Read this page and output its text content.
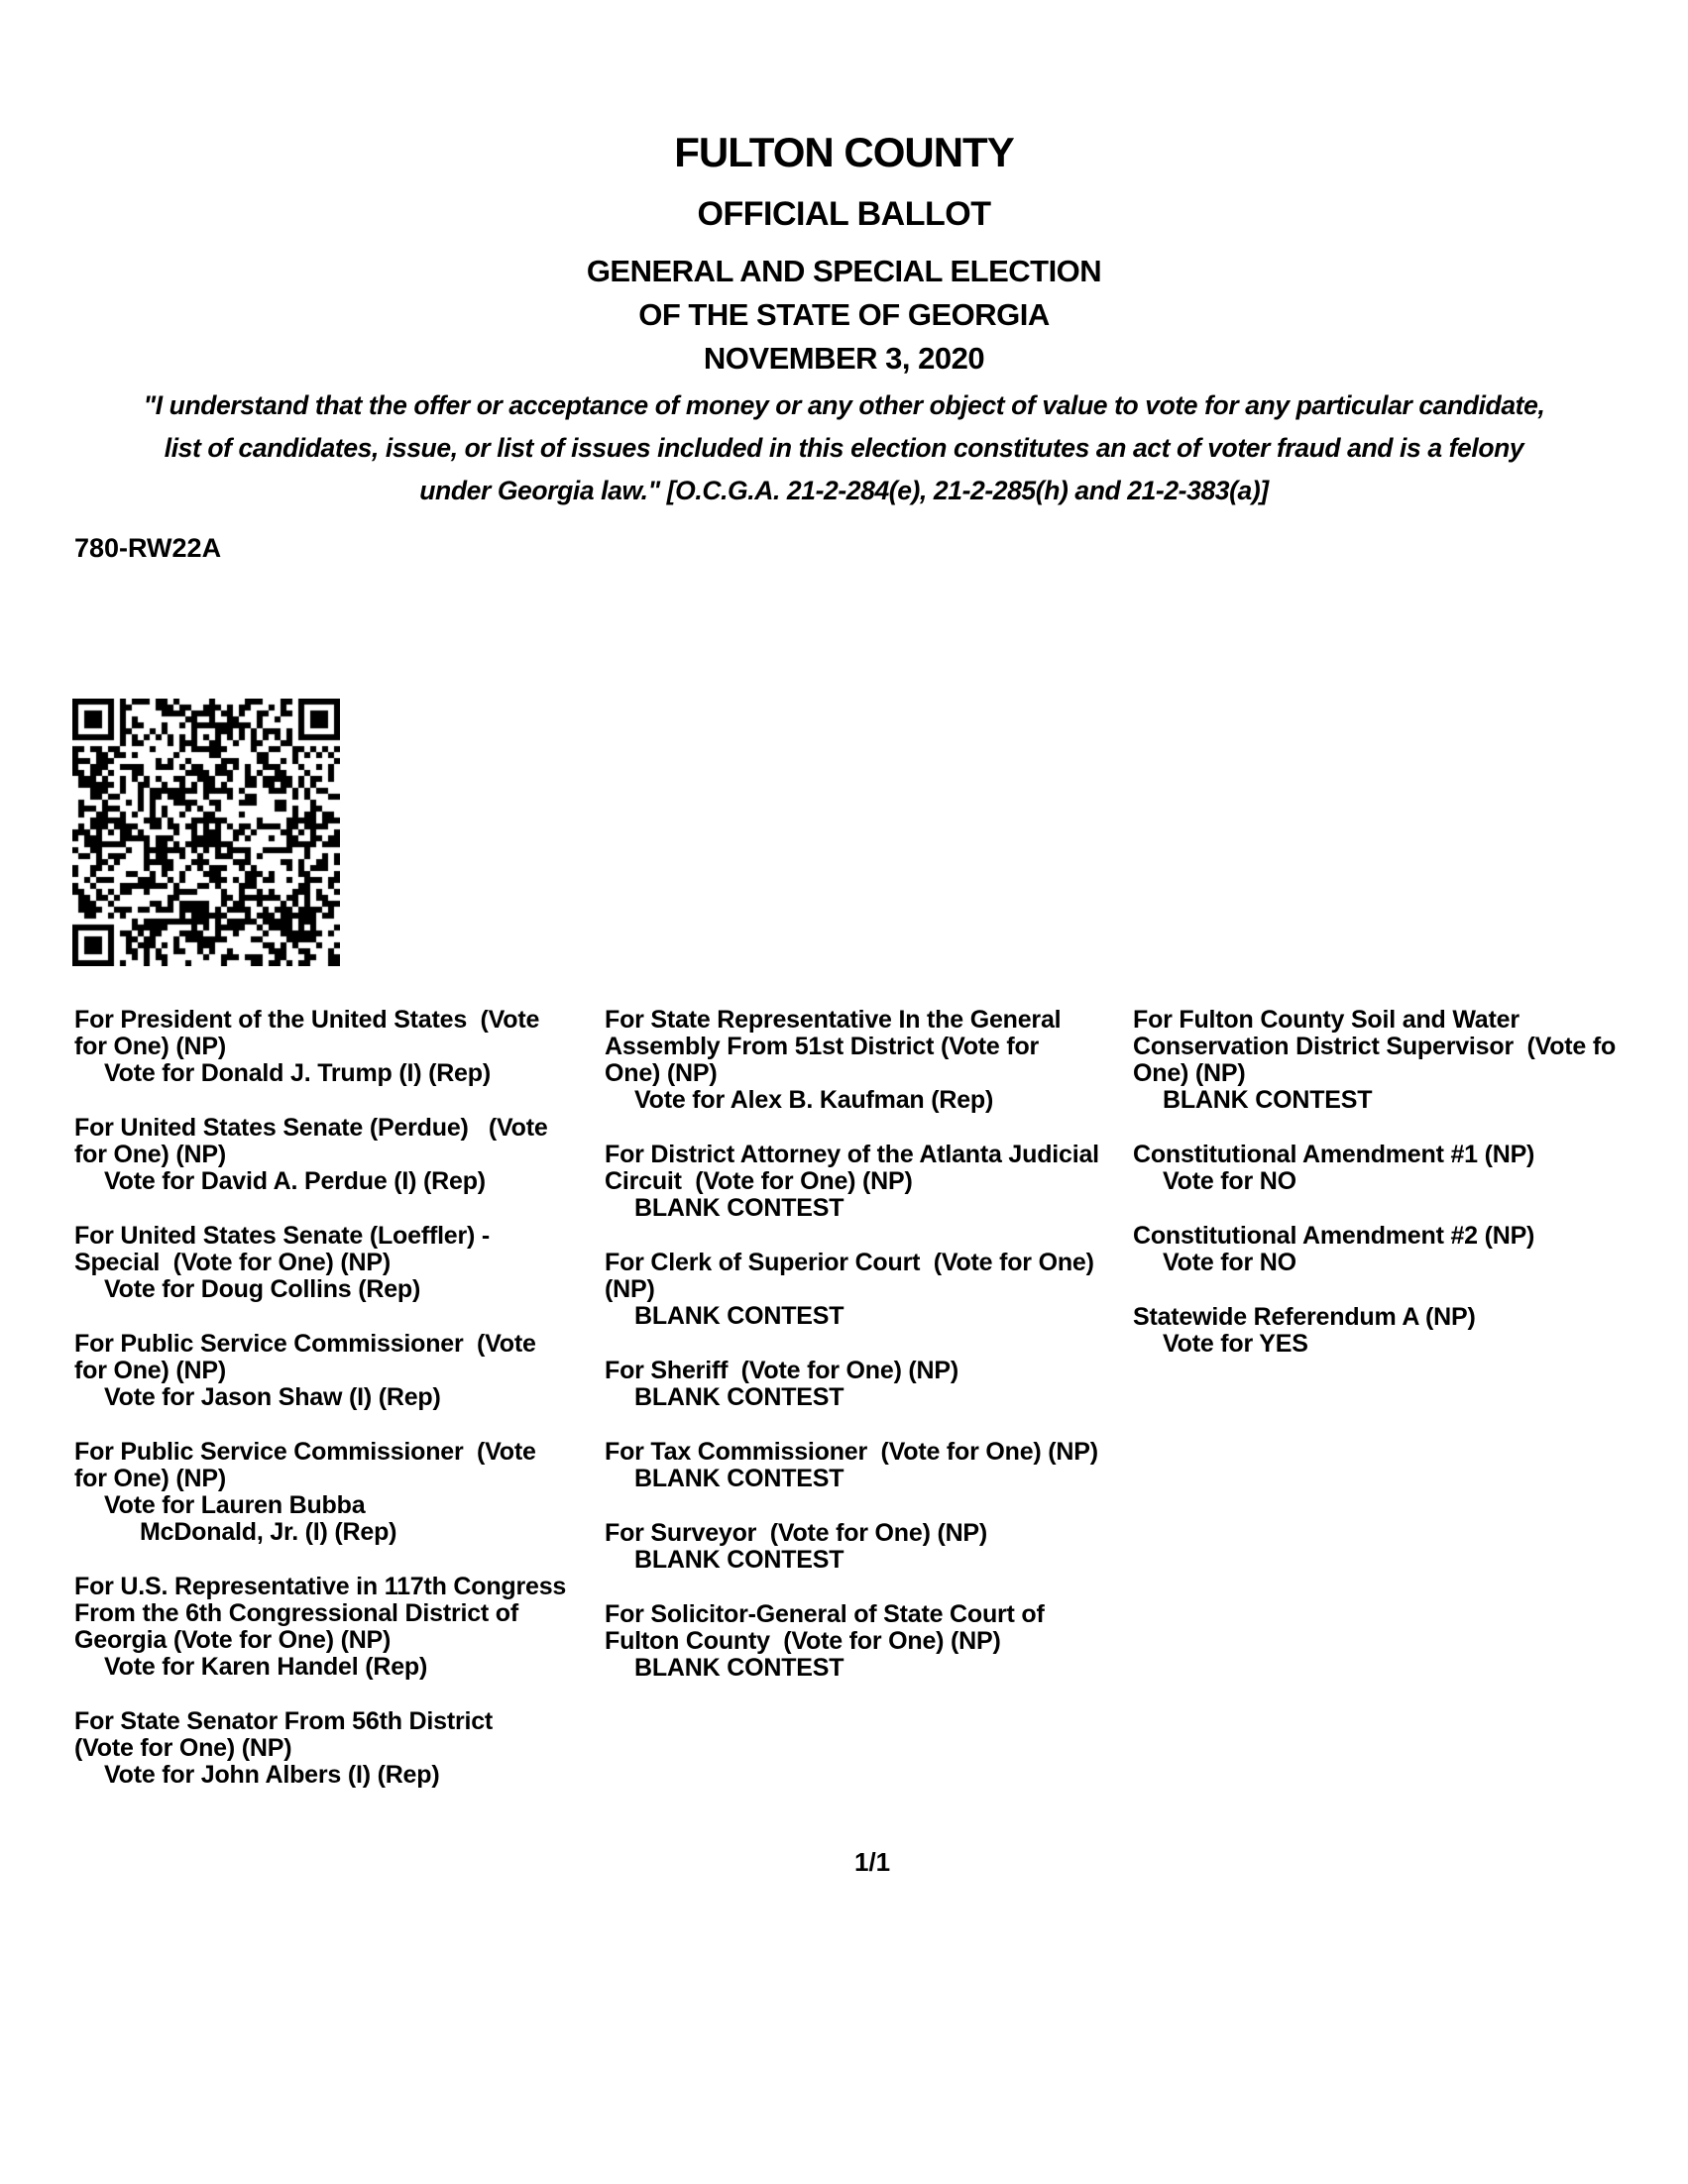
FULTON COUNTY
OFFICIAL BALLOT
GENERAL AND SPECIAL ELECTION
OF THE STATE OF GEORGIA
NOVEMBER 3, 2020
"I understand that the offer or acceptance of money or any other object of value to vote for any particular candidate,
list of candidates, issue, or list of issues included in this election constitutes an act of voter fraud and is a felony
under Georgia law." [O.C.G.A. 21-2-284(e), 21-2-285(h) and 21-2-383(a)]
780-RW22A
For President of the United States  (Vote
for One) (NP)
Vote for Donald J. Trump (I) (Rep)
For United States Senate (Perdue)   (Vote
for One) (NP)
Vote for David A. Perdue (I) (Rep)
For United States Senate (Loeffler) -
Special  (Vote for One) (NP)
Vote for Doug Collins (Rep)
For Public Service Commissioner  (Vote
for One) (NP)
Vote for Jason Shaw (I) (Rep)
For Public Service Commissioner  (Vote
for One) (NP)
Vote for Lauren Bubba
McDonald, Jr. (I) (Rep)
For U.S. Representative in 117th Congress
From the 6th Congressional District of
Georgia (Vote for One) (NP)
Vote for Karen Handel (Rep)
For State Senator From 56th District
(Vote for One) (NP)
Vote for John Albers (I) (Rep)
For State Representative In the General
Assembly From 51st District (Vote for
One) (NP)
Vote for Alex B. Kaufman (Rep)
For District Attorney of the Atlanta Judicial
Circuit  (Vote for One) (NP)
BLANK CONTEST
For Clerk of Superior Court  (Vote for One)
(NP)
BLANK CONTEST
For Sheriff  (Vote for One) (NP)
BLANK CONTEST
For Tax Commissioner  (Vote for One) (NP)
BLANK CONTEST
For Surveyor  (Vote for One) (NP)
BLANK CONTEST
For Solicitor-General of State Court of
Fulton County  (Vote for One) (NP)
BLANK CONTEST
For Fulton County Soil and Water
Conservation District Supervisor  (Vote fo
One) (NP)
BLANK CONTEST
Constitutional Amendment #1 (NP)
Vote for NO
Constitutional Amendment #2 (NP)
Vote for NO
Statewide Referendum A (NP)
Vote for YES
1/1
